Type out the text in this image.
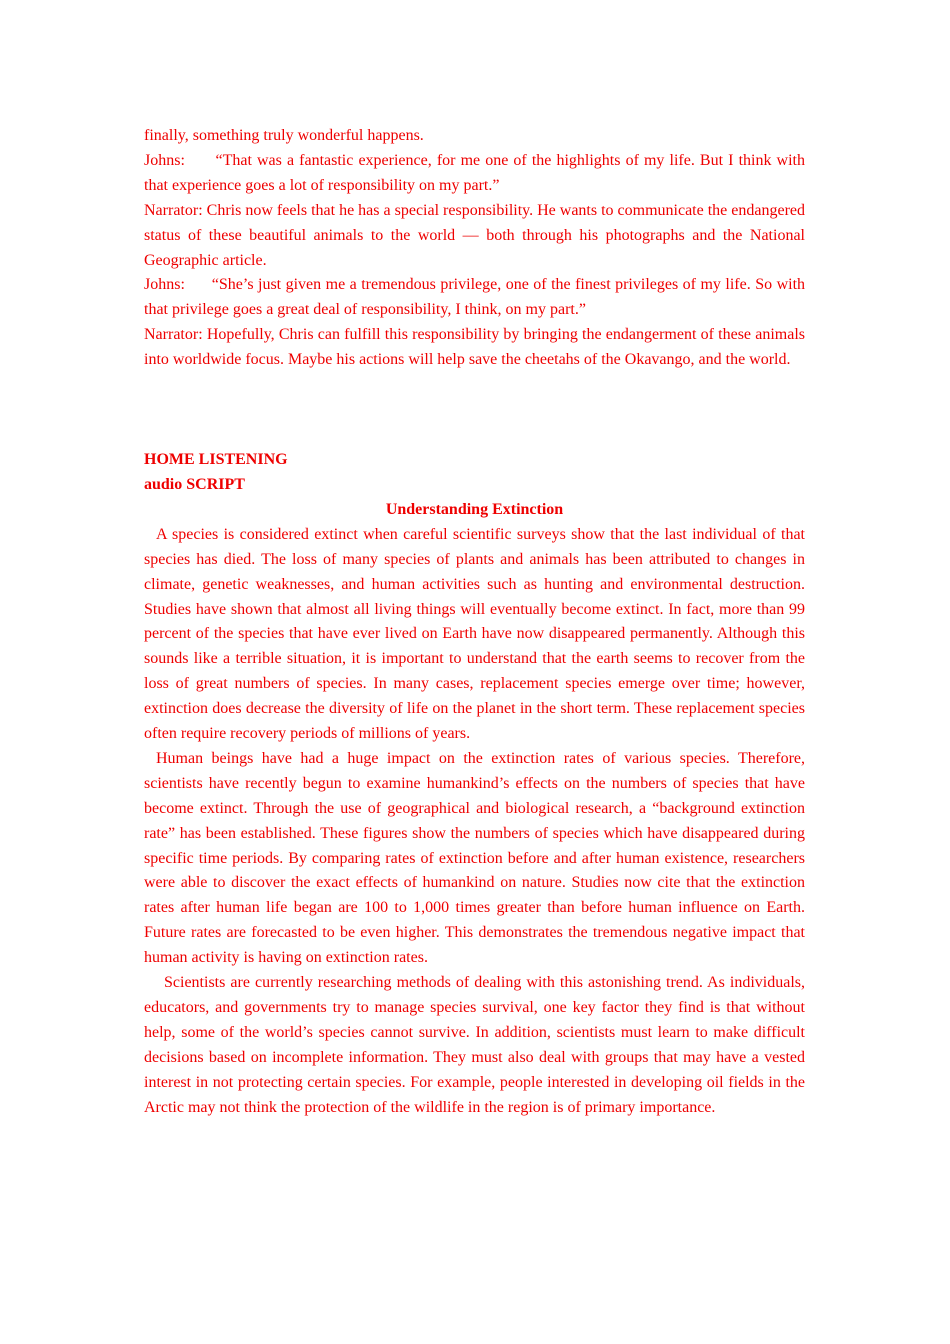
finally, something truly wonderful happens.

Johns: “That was a fantastic experience, for me one of the highlights of my life. But I think with that experience goes a lot of responsibility on my part.”

Narrator: Chris now feels that he has a special responsibility. He wants to communicate the endangered status of these beautiful animals to the world — both through his photographs and the National Geographic article.

Johns: “She’s just given me a tremendous privilege, one of the finest privileges of my life. So with that privilege goes a great deal of responsibility, I think, on my part.”

Narrator: Hopefully, Chris can fulfill this responsibility by bringing the endangerment of these animals into worldwide focus. Maybe his actions will help save the cheetahs of the Okavango, and the world.

HOME LISTENING

audio SCRIPT

Understanding Extinction

A species is considered extinct when careful scientific surveys show that the last individual of that species has died. The loss of many species of plants and animals has been attributed to changes in climate, genetic weaknesses, and human activities such as hunting and environmental destruction. Studies have shown that almost all living things will eventually become extinct. In fact, more than 99 percent of the species that have ever lived on Earth have now disappeared permanently. Although this sounds like a terrible situation, it is important to understand that the earth seems to recover from the loss of great numbers of species. In many cases, replacement species emerge over time; however, extinction does decrease the diversity of life on the planet in the short term. These replacement species often require recovery periods of millions of years.

Human beings have had a huge impact on the extinction rates of various species. Therefore, scientists have recently begun to examine humankind’s effects on the numbers of species that have become extinct. Through the use of geographical and biological research, a “background extinction rate” has been established. These figures show the numbers of species which have disappeared during specific time periods. By comparing rates of extinction before and after human existence, researchers were able to discover the exact effects of humankind on nature. Studies now cite that the extinction rates after human life began are 100 to 1,000 times greater than before human influence on Earth. Future rates are forecasted to be even higher. This demonstrates the tremendous negative impact that human activity is having on extinction rates.

Scientists are currently researching methods of dealing with this astonishing trend. As individuals, educators, and governments try to manage species survival, one key factor they find is that without help, some of the world’s species cannot survive. In addition, scientists must learn to make difficult decisions based on incomplete information. They must also deal with groups that may have a vested interest in not protecting certain species. For example, people interested in developing oil fields in the Arctic may not think the protection of the wildlife in the region is of primary importance.
